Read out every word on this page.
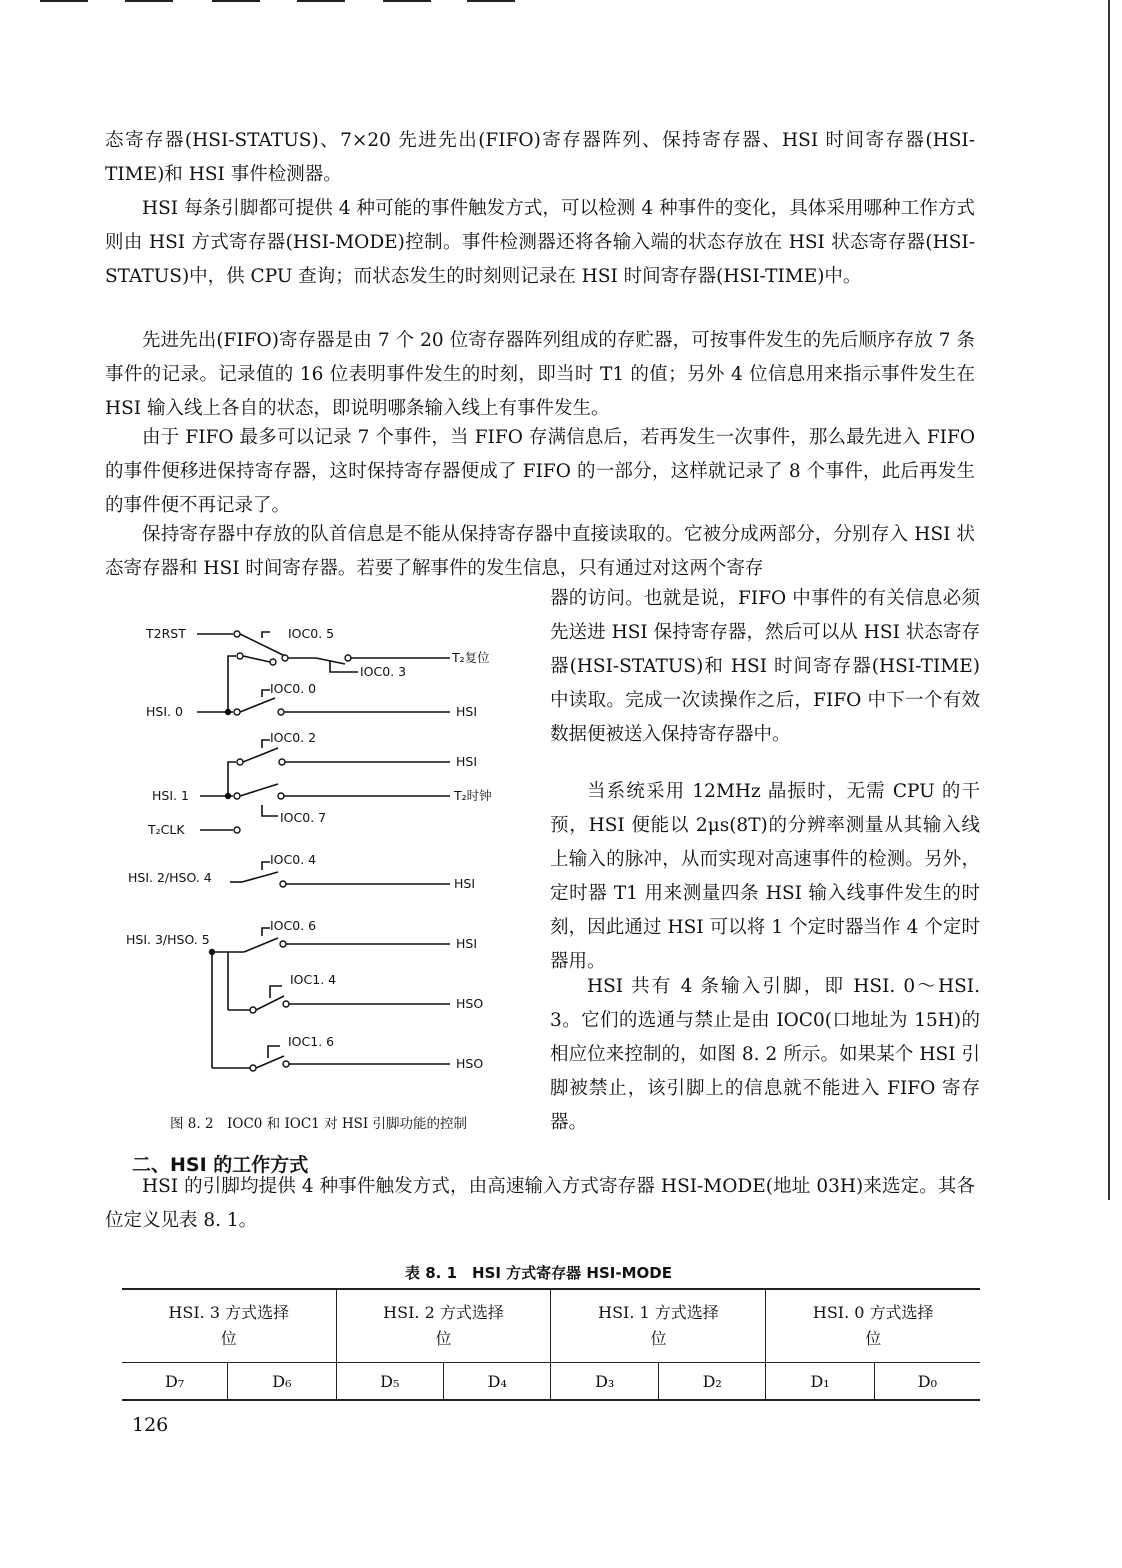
态寄存器(HSI-STATUS)、7×20 先进先出(FIFO)寄存器阵列、保持寄存器、HSI 时间寄存器(HSI-TIME)和 HSI 事件检测器。

HSI 每条引脚都可提供 4 种可能的事件触发方式，可以检测 4 种事件的变化，具体采用哪种工作方式则由 HSI 方式寄存器(HSI-MODE)控制。事件检测器还将各输入端的状态存放在 HSI 状态寄存器(HSI-STATUS)中，供 CPU 查询；而状态发生的时刻则记录在 HSI 时间寄存器(HSI-TIME)中。

先进先出(FIFO)寄存器是由 7 个 20 位寄存器阵列组成的存贮器，可按事件发生的先后顺序存放 7 条事件的记录。记录值的 16 位表明事件发生的时刻，即当时 T1 的值；另外 4 位信息用来指示事件发生在 HSI 输入线上各自的状态，即说明哪条输入线上有事件发生。

由于 FIFO 最多可以记录 7 个事件，当 FIFO 存满信息后，若再发生一次事件，那么最先进入 FIFO 的事件便移进保持寄存器，这时保持寄存器便成了 FIFO 的一部分，这样就记录了 8 个事件，此后再发生的事件便不再记录了。

保持寄存器中存放的队首信息是不能从保持寄存器中直接读取的。它被分成两部分，分别存入 HSI 状态寄存器和 HSI 时间寄存器。若要了解事件的发生信息，只有通过对这两个寄存

器的访问。也就是说，FIFO 中事件的有关信息必须先送进 HSI 保持寄存器，然后可以从 HSI 状态寄存器(HSI-STATUS)和 HSI 时间寄存器(HSI-TIME)中读取。完成一次读操作之后，FIFO 中下一个有效数据便被送入保持寄存器中。

当系统采用 12MHz 晶振时，无需 CPU 的干预，HSI 便能以 2μs(8T)的分辨率测量从其输入线上输入的脉冲，从而实现对高速事件的检测。另外，定时器 T1 用来测量四条 HSI 输入线事件发生的时刻，因此通过 HSI 可以将 1 个定时器当作 4 个定时器用。

HSI 共有 4 条输入引脚，即 HSI. 0～HSI. 3。它们的选通与禁止是由 IOC0(口地址为 15H)的相应位来控制的，如图 8. 2 所示。如果某个 HSI 引脚被禁止，该引脚上的信息就不能进入 FIFO 寄存器。

T2RST	IOC0. 5
IOC0. 3
T₂复位
IOC0. 0
HSI. 0	HSI
IOC0. 2
HSI
HSI. 1	T₂时钟
IOC0. 7
T₂CLK
IOC0. 4
HSI. 2/HSO. 4	HSI
IOC0. 6
HSI. 3/HSO. 5	HSI
IOC1. 4
HSO
IOC1. 6
HSO
图 8. 2　IOC0 和 IOC1 对 HSI 引脚功能的控制
二、HSI 的工作方式

HSI 的引脚均提供 4 种事件触发方式，由高速输入方式寄存器 HSI-MODE(地址 03H)来选定。其各位定义见表 8. 1。

表 8. 1　HSI 方式寄存器 HSI-MODE
HSI. 3 方式选择
位		HSI. 2 方式选择
位		HSI. 1 方式选择
位		HSI. 0 方式选择
位	
D₇	D₆	D₅	D₄	D₃	D₂	D₁	D₀
126
